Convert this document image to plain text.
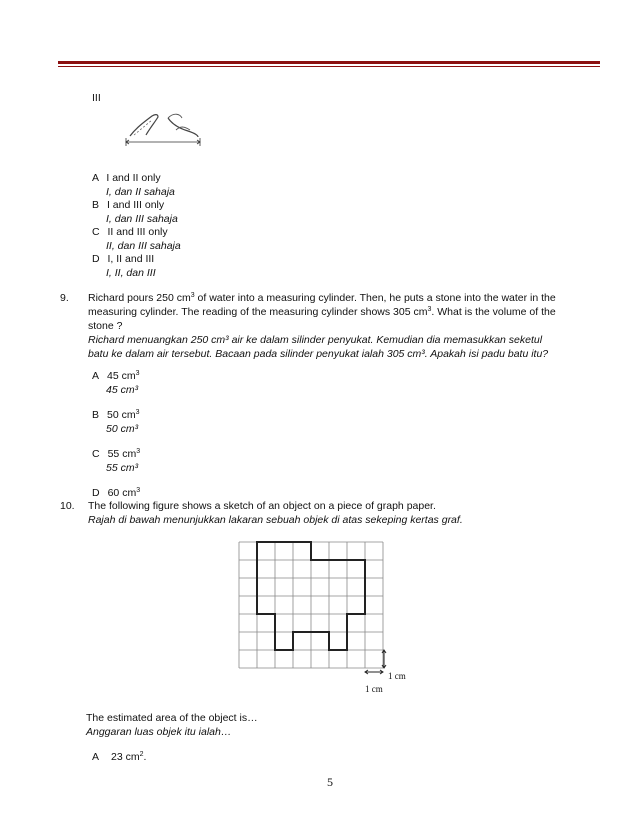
III
A I and II only
I, dan II sahaja
B I and III only
I, dan III sahaja
C II and III only
II, dan III sahaja
D I, II and III
I, II, dan III
9. Richard pours 250 $cm^3$ of water into a measuring cylinder. Then, he puts a stone into the water in the
measuring cylinder. The reading of the measuring cylinder shows 305 $cm^3$. What is the volume of the
stone ?
Richard menuangkan 250 cm³ air ke dalam silinder penyukat. Kemudian dia memasukkan seketul
batu ke dalam air tersebut. Bacaan pada silinder penyukat ialah 305 cm³. Apakah isi padu batu itu?
A 45 $cm^3$
45 cm³
B 50 $cm^3$
50 cm³
C 55 $cm^3$
55 cm³
D 60 $cm^3$
10. The following figure shows a sketch of an object on a piece of graph paper.
Rajah di bawah menunjukkan lakaran sebuah objek di atas sekeping kertas graf.
1 cm
1 cm
The estimated area of the object is…
Anggaran luas objek itu ialah…
A 23 $cm^2$.
5
